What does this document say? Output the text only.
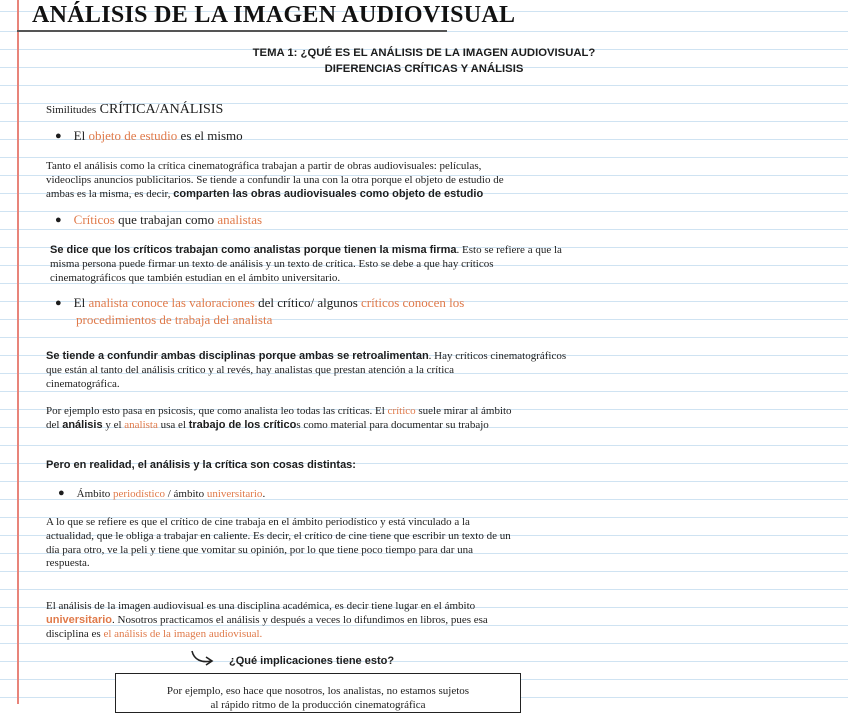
ANÁLISIS DE LA IMAGEN AUDIOVISUAL
TEMA 1: ¿QUÉ ES EL ANÁLISIS DE LA IMAGEN AUDIOVISUAL?
DIFERENCIAS CRÍTICAS Y ANÁLISIS
Similitudes CRÍTICA/ANÁLISIS
● El objeto de estudio es el mismo
Tanto el análisis como la crítica cinematográfica trabajan a partir de obras audiovisuales: películas,
videoclips anuncios publicitarios. Se tiende a confundir la una con la otra porque el objeto de estudio de
ambas es la misma, es decir, comparten las obras audiovisuales como objeto de estudio
● Críticos que trabajan como analistas
Se dice que los críticos trabajan como analistas porque tienen la misma firma. Esto se refiere a que la
misma persona puede firmar un texto de análisis y un texto de crítica. Esto se debe a que hay críticos
cinematográficos que también estudian en el ámbito universitario.
● El analista conoce las valoraciones del crítico/ algunos críticos conocen los
procedimientos de trabaja del analista
Se tiende a confundir ambas disciplinas porque ambas se retroalimentan. Hay críticos cinematográficos
que están al tanto del análisis crítico y al revés, hay analistas que prestan atención a la crítica
cinematográfica.
Por ejemplo esto pasa en psicosis, que como analista leo todas las críticas. El crítico suele mirar al ámbito
del análisis y el analista usa el trabajo de los críticos como material para documentar su trabajo
Pero en realidad, el análisis y la crítica son cosas distintas:
● Ámbito periodístico / ámbito universitario.
A lo que se refiere es que el crítico de cine trabaja en el ámbito periodístico y está vinculado a la
actualidad, que le obliga a trabajar en caliente. Es decir, el crítico de cine tiene que escribir un texto de un
día para otro, ve la peli y tiene que vomitar su opinión, por lo que tiene poco tiempo para dar una
respuesta.
El análisis de la imagen audiovisual es una disciplina académica, es decir tiene lugar en el ámbito
universitario. Nosotros practicamos el análisis y después a veces lo difundimos en libros, pues esa
disciplina es el análisis de la imagen audiovisual.
¿Qué implicaciones tiene esto?
Por ejemplo, eso hace que nosotros, los analistas, no estamos sujetos
al rápido ritmo de la producción cinematográfica
